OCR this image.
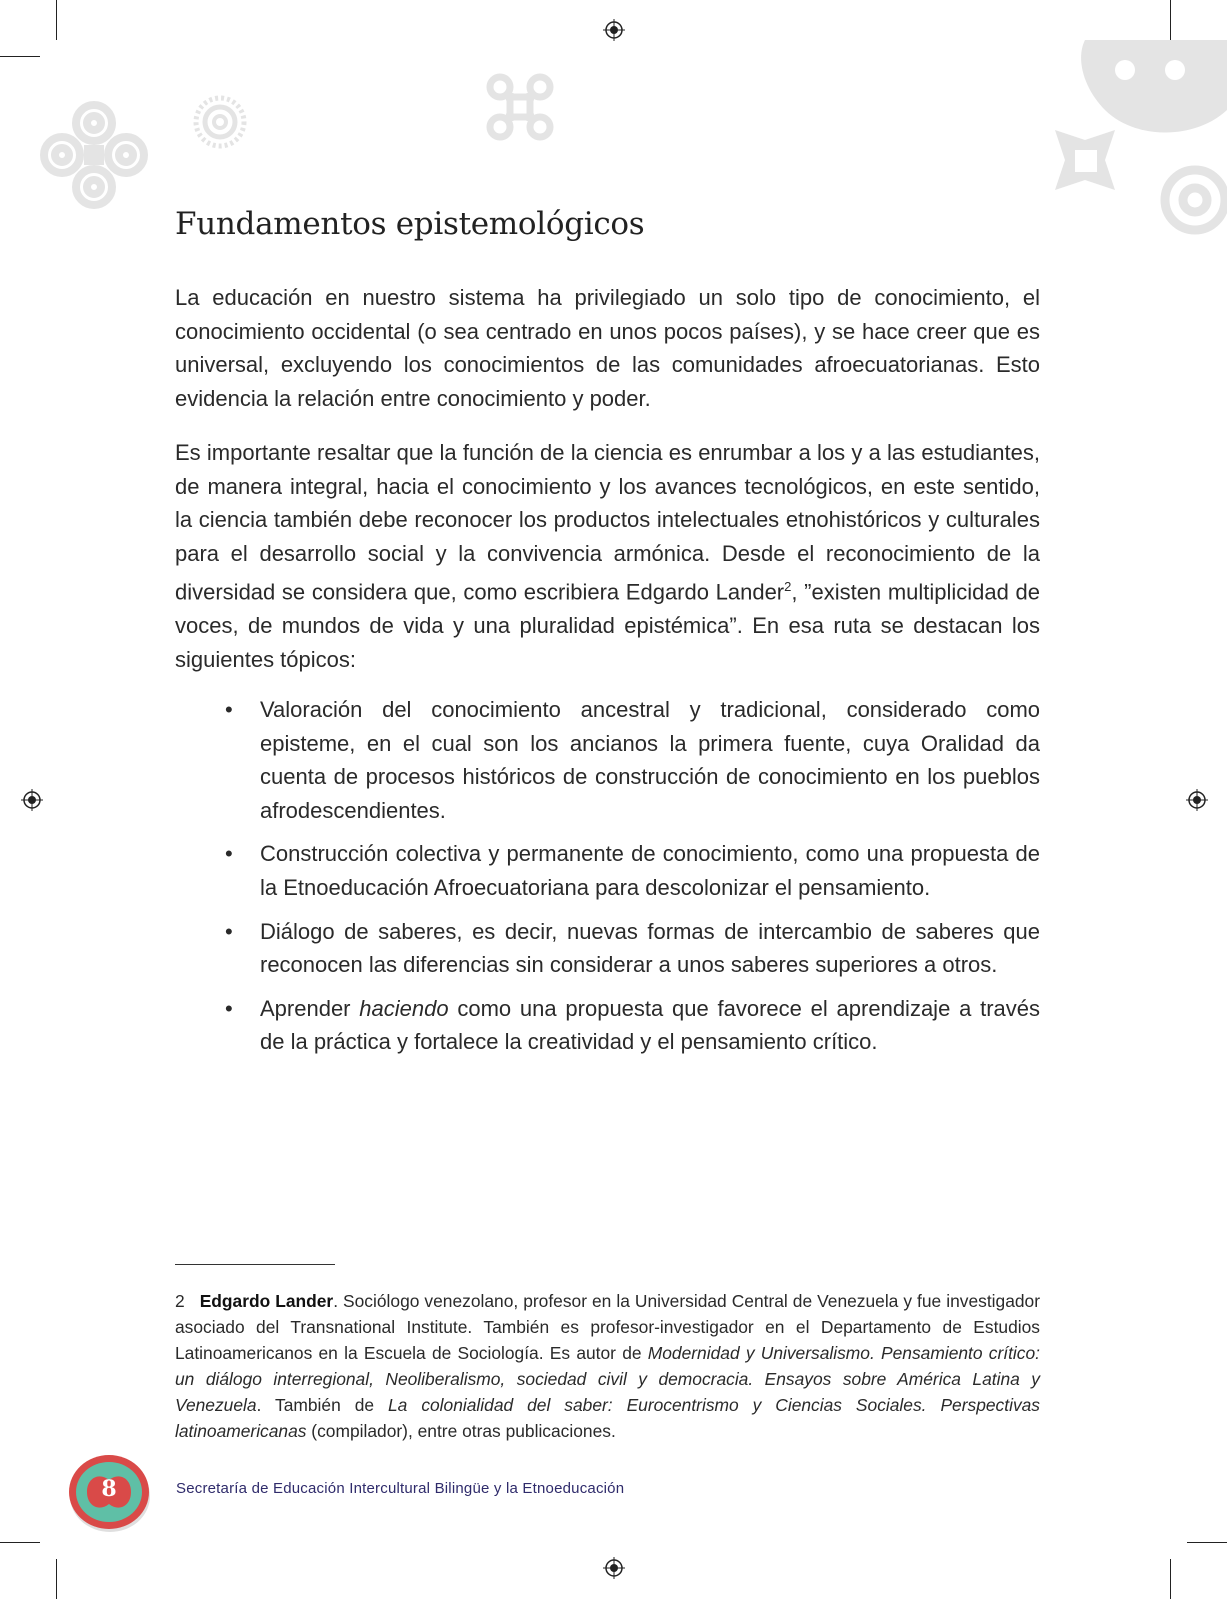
Fundamentos epistemológicos

La educación en nuestro sistema ha privilegiado un solo tipo de conocimiento, el conocimiento occidental (o sea centrado en unos pocos países), y se hace creer que es universal, excluyendo los conocimientos de las comunidades afroecuatorianas. Esto evidencia la relación entre conocimiento y poder.

Es importante resaltar que la función de la ciencia es enrumbar a los y a las estudiantes, de manera integral, hacia el conocimiento y los avances tecnológicos, en este sentido, la ciencia también debe reconocer los productos intelectuales etnohistóricos y culturales para el desarrollo social y la convivencia armónica. Desde el reconocimiento de la diversidad se considera que, como escribiera Edgardo Lander$^2$, ”existen multiplicidad de voces, de mundos de vida y una pluralidad epistémica”. En esa ruta se destacan los siguientes tópicos:

• Valoración del conocimiento ancestral y tradicional, considerado como episteme, en el cual son los ancianos la primera fuente, cuya Oralidad da cuenta de procesos históricos de construcción de conocimiento en los pueblos afrodescendientes.
• Construcción colectiva y permanente de conocimiento, como una propuesta de la Etnoeducación Afroecuatoriana para descolonizar el pensamiento.
• Diálogo de saberes, es decir, nuevas formas de intercambio de saberes que reconocen las diferencias sin considerar a unos saberes superiores a otros.
• Aprender haciendo como una propuesta que favorece el aprendizaje a través de la práctica y fortalece la creatividad y el pensamiento crítico.

2 Edgardo Lander. Sociólogo venezolano, profesor en la Universidad Central de Venezuela y fue investigador asociado del Transnational Institute. También es profesor-investigador en el Departamento de Estudios Latinoamericanos en la Escuela de Sociología. Es autor de Modernidad y Universalismo. Pensamiento crítico: un diálogo interregional, Neoliberalismo, sociedad civil y democracia. Ensayos sobre América Latina y Venezuela. También de La colonialidad del saber: Eurocentrismo y Ciencias Sociales. Perspectivas latinoamericanas (compilador), entre otras publicaciones.

8	Secretaría de Educación Intercultural Bilingüe y la Etnoeducación
